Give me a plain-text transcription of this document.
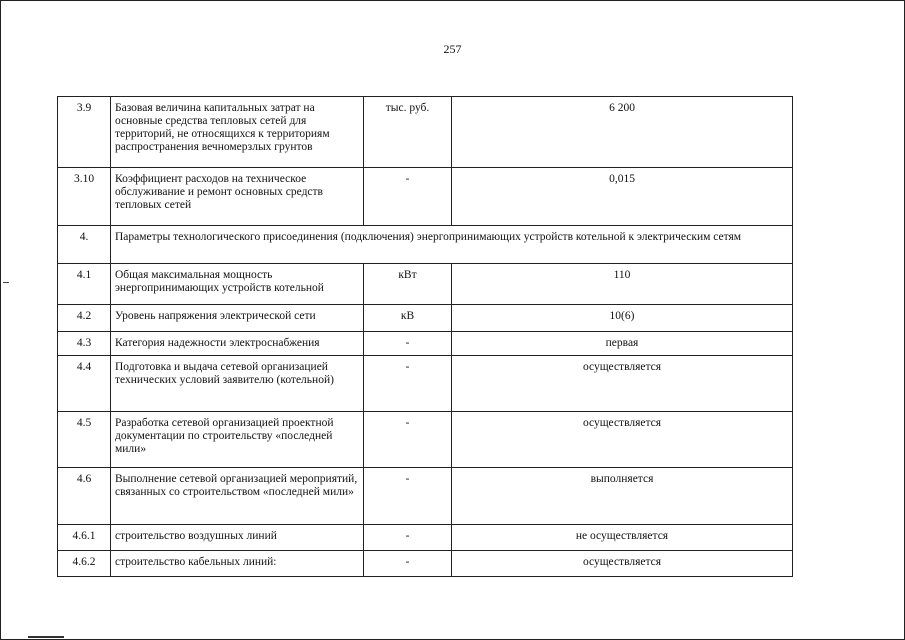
257
3.9	Базовая величина капитальных затрат на основные средства тепловых сетей для территорий, не относящихся к территориям распространения вечномерзлых грунтов	тыс. руб.	6 200
3.10	Коэффициент расходов на техническое обслуживание и ремонт основных средств тепловых сетей	-	0,015
4.	Параметры технологического присоединения (подключения) энергопринимающих устройств котельной к электрическим сетям		
4.1	Общая максимальная мощность энергопринимающих устройств котельной	кВт	110
4.2	Уровень напряжения электрической сети	кВ	10(6)
4.3	Категория надежности электроснабжения	-	первая
4.4	Подготовка и выдача сетевой организацией технических условий заявителю (котельной)	-	осуществляется
4.5	Разработка сетевой организацией проектной документации по строительству «последней мили»	-	осуществляется
4.6	Выполнение сетевой организацией мероприятий, связанных со строительством «последней мили»	-	выполняется
4.6.1	строительство воздушных линий	-	не осуществляется
4.6.2	строительство кабельных линий:	-	осуществляется
